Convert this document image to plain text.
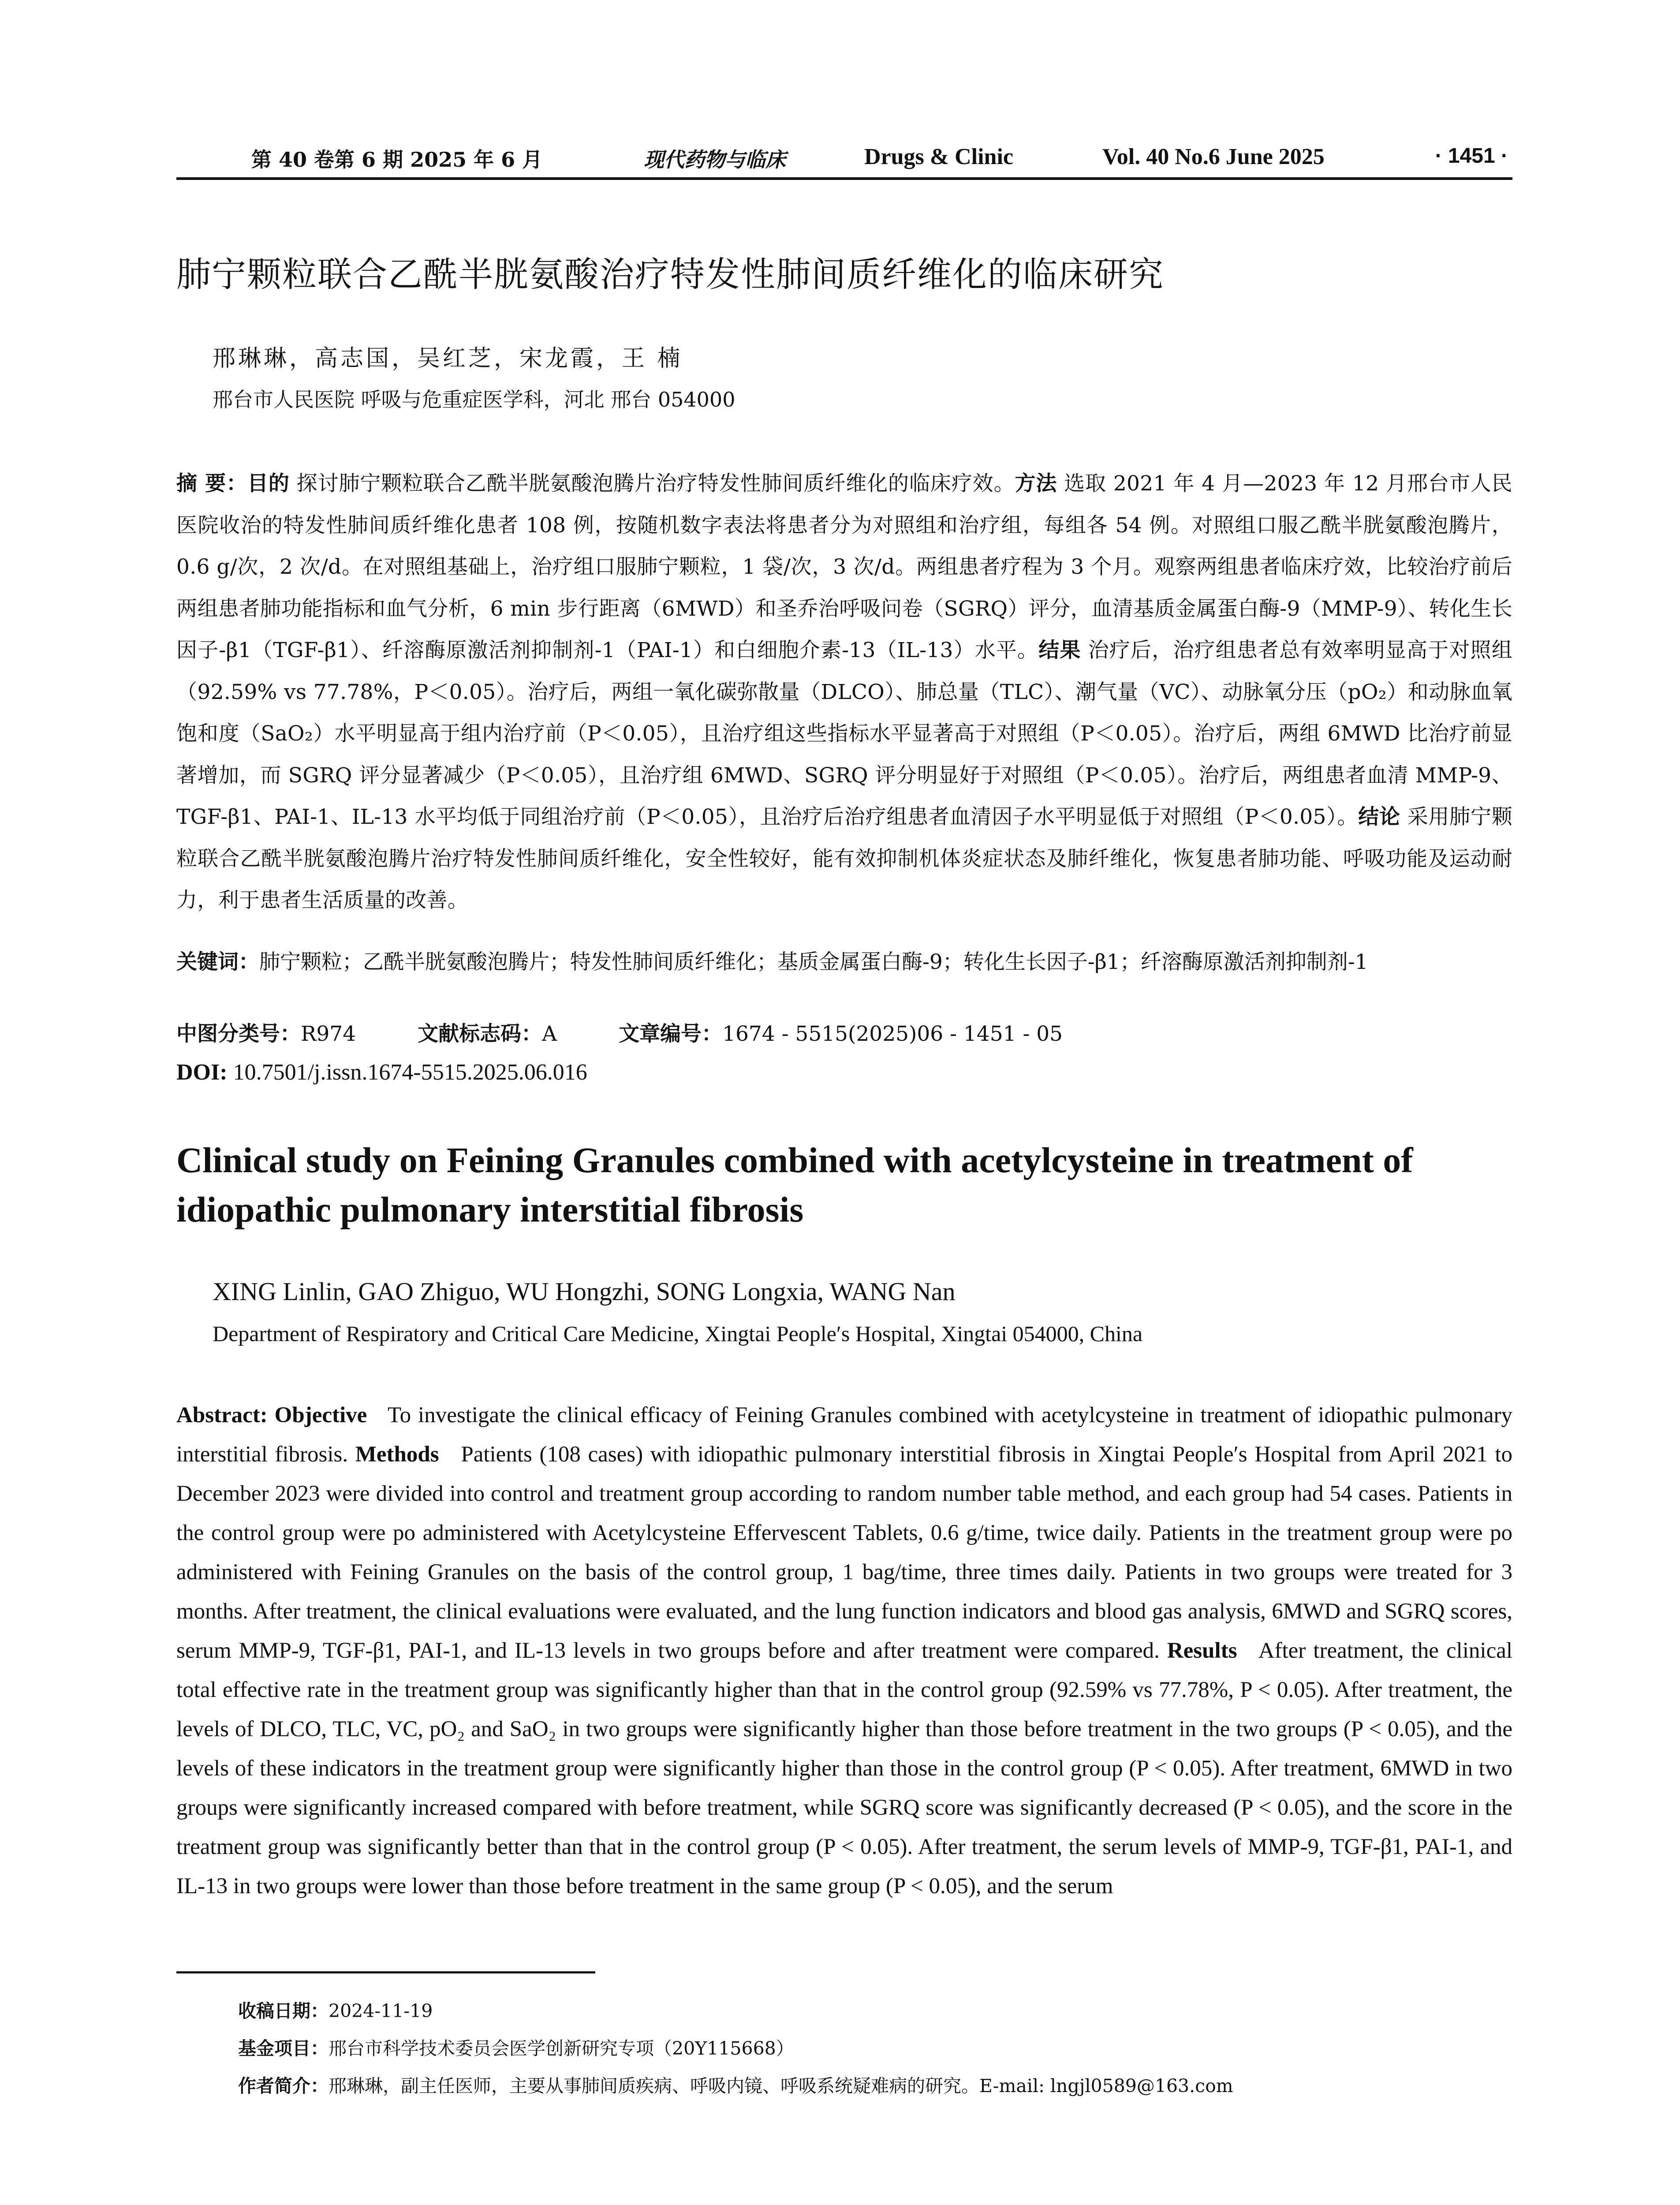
第 40 卷第 6 期 2025 年 6 月	现代药物与临床	Drugs & Clinic	Vol. 40 No.6 June 2025	· 1451 ·
肺宁颗粒联合乙酰半胱氨酸治疗特发性肺间质纤维化的临床研究
邢琳琳，高志国，吴红芝，宋龙霞，王 楠
邢台市人民医院 呼吸与危重症医学科，河北 邢台 054000

摘 要：目的 探讨肺宁颗粒联合乙酰半胱氨酸泡腾片治疗特发性肺间质纤维化的临床疗效。方法 选取 2021 年 4 月—2023 年 12 月邢台市人民医院收治的特发性肺间质纤维化患者 108 例，按随机数字表法将患者分为对照组和治疗组，每组各 54 例。对照组口服乙酰半胱氨酸泡腾片，0.6 g/次，2 次/d。在对照组基础上，治疗组口服肺宁颗粒，1 袋/次，3 次/d。两组患者疗程为 3 个月。观察两组患者临床疗效，比较治疗前后两组患者肺功能指标和血气分析，6 min 步行距离（6MWD）和圣乔治呼吸问卷（SGRQ）评分，血清基质金属蛋白酶-9（MMP-9）、转化生长因子-β1（TGF-β1）、纤溶酶原激活剂抑制剂-1（PAI-1）和白细胞介素-13（IL-13）水平。结果 治疗后，治疗组患者总有效率明显高于对照组（92.59% vs 77.78%，P＜0.05）。治疗后，两组一氧化碳弥散量（DLCO）、肺总量（TLC）、潮气量（VC）、动脉氧分压（pO₂）和动脉血氧饱和度（SaO₂）水平明显高于组内治疗前（P＜0.05），且治疗组这些指标水平显著高于对照组（P＜0.05）。治疗后，两组 6MWD 比治疗前显著增加，而 SGRQ 评分显著减少（P＜0.05），且治疗组 6MWD、SGRQ 评分明显好于对照组（P＜0.05）。治疗后，两组患者血清 MMP-9、TGF-β1、PAI-1、IL-13 水平均低于同组治疗前（P＜0.05），且治疗后治疗组患者血清因子水平明显低于对照组（P＜0.05）。结论 采用肺宁颗粒联合乙酰半胱氨酸泡腾片治疗特发性肺间质纤维化，安全性较好，能有效抑制机体炎症状态及肺纤维化，恢复患者肺功能、呼吸功能及运动耐力，利于患者生活质量的改善。

关键词：肺宁颗粒；乙酰半胱氨酸泡腾片；特发性肺间质纤维化；基质金属蛋白酶-9；转化生长因子-β1；纤溶酶原激活剂抑制剂-1
中图分类号：R974	文献标志码：A	文章编号：1674 - 5515(2025)06 - 1451 - 05
DOI: 10.7501/j.issn.1674-5515.2025.06.016
Clinical study on Feining Granules combined with acetylcysteine in treatment of idiopathic pulmonary interstitial fibrosis
XING Linlin, GAO Zhiguo, WU Hongzhi, SONG Longxia, WANG Nan
Department of Respiratory and Critical Care Medicine, Xingtai People′s Hospital, Xingtai 054000, China

Abstract: Objective To investigate the clinical efficacy of Feining Granules combined with acetylcysteine in treatment of idiopathic pulmonary interstitial fibrosis. Methods Patients (108 cases) with idiopathic pulmonary interstitial fibrosis in Xingtai People′s Hospital from April 2021 to December 2023 were divided into control and treatment group according to random number table method, and each group had 54 cases. Patients in the control group were po administered with Acetylcysteine Effervescent Tablets, 0.6 g/time, twice daily. Patients in the treatment group were po administered with Feining Granules on the basis of the control group, 1 bag/time, three times daily. Patients in two groups were treated for 3 months. After treatment, the clinical evaluations were evaluated, and the lung function indicators and blood gas analysis, 6MWD and SGRQ scores, serum MMP-9, TGF-β1, PAI-1, and IL-13 levels in two groups before and after treatment were compared. Results After treatment, the clinical total effective rate in the treatment group was significantly higher than that in the control group (92.59% vs 77.78%, P < 0.05). After treatment, the levels of DLCO, TLC, VC, pO₂ and SaO₂ in two groups were significantly higher than those before treatment in the two groups (P < 0.05), and the levels of these indicators in the treatment group were significantly higher than those in the control group (P < 0.05). After treatment, 6MWD in two groups were significantly increased compared with before treatment, while SGRQ score was significantly decreased (P < 0.05), and the score in the treatment group was significantly better than that in the control group (P < 0.05). After treatment, the serum levels of MMP-9, TGF-β1, PAI-1, and IL-13 in two groups were lower than those before treatment in the same group (P < 0.05), and the serum

收稿日期：2024-11-19
基金项目：邢台市科学技术委员会医学创新研究专项（20Y115668）
作者简介：邢琳琳，副主任医师，主要从事肺间质疾病、呼吸内镜、呼吸系统疑难病的研究。E-mail: lngjl0589@163.com
